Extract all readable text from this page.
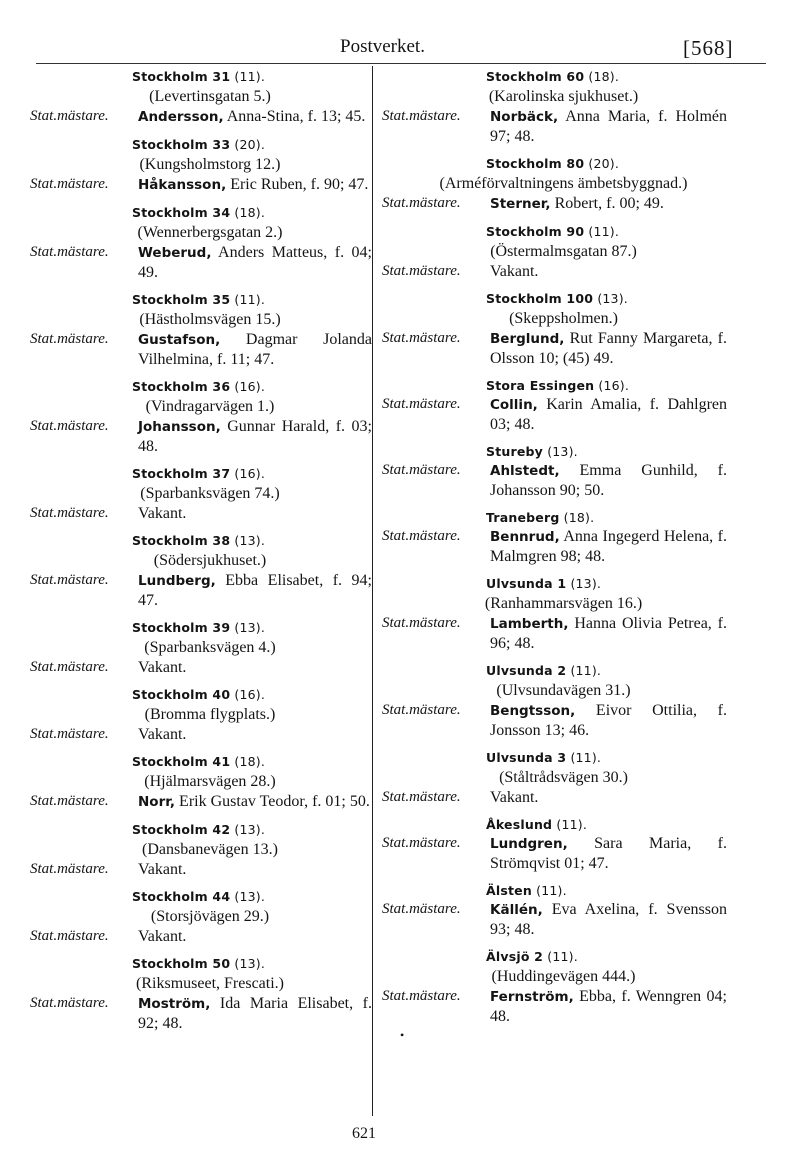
Postverket.	[568]
Stockholm 31 (11).
(Levertinsgatan 5.)
Stat.mästare. Andersson, Anna-Stina, f. 13; 45.
Stockholm 33 (20).
(Kungsholmstorg 12.)
Stat.mästare. Håkansson, Eric Ruben, f. 90; 47.
Stockholm 34 (18).
(Wennerbergsgatan 2.)
Stat.mästare. Weberud, Anders Matteus, f. 04; 49.
Stockholm 35 (11).
(Hästholmsvägen 15.)
Stat.mästare. Gustafson, Dagmar Jolanda Vilhelmina, f. 11; 47.
Stockholm 36 (16).
(Vindragarvägen 1.)
Stat.mästare. Johansson, Gunnar Harald, f. 03; 48.
Stockholm 37 (16).
(Sparbanksvägen 74.)
Stat.mästare. Vakant.
Stockholm 38 (13).
(Södersjukhuset.)
Stat.mästare. Lundberg, Ebba Elisabet, f. 94; 47.
Stockholm 39 (13).
(Sparbanksvägen 4.)
Stat.mästare. Vakant.
Stockholm 40 (16).
(Bromma flygplats.)
Stat.mästare. Vakant.
Stockholm 41 (18).
(Hjälmarsvägen 28.)
Stat.mästare. Norr, Erik Gustav Teodor, f. 01; 50.
Stockholm 42 (13).
(Dansbanevägen 13.)
Stat.mästare. Vakant.
Stockholm 44 (13).
(Storsjövägen 29.)
Stat.mästare. Vakant.
Stockholm 50 (13).
(Riksmuseet, Frescati.)
Stat.mästare. Moström, Ida Maria Elisabet, f. 92; 48.
Stockholm 60 (18).
(Karolinska sjukhuset.)
Stat.mästare. Norbäck, Anna Maria, f. Holmén 97; 48.
Stockholm 80 (20).
(Arméförvaltningens ämbetsbyggnad.)
Stat.mästare. Sterner, Robert, f. 00; 49.
Stockholm 90 (11).
(Östermalmsgatan 87.)
Stat.mästare. Vakant.
Stockholm 100 (13).
(Skeppsholmen.)
Stat.mästare. Berglund, Rut Fanny Margareta, f. Olsson 10; (45) 49.
Stora Essingen (16).
Stat.mästare. Collin, Karin Amalia, f. Dahlgren 03; 48.
Stureby (13).
Stat.mästare. Ahlstedt, Emma Gunhild, f. Johansson 90; 50.
Traneberg (18).
Stat.mästare. Bennrud, Anna Ingegerd Helena, f. Malmgren 98; 48.
Ulvsunda 1 (13).
(Ranhammarsvägen 16.)
Stat.mästare. Lamberth, Hanna Olivia Petrea, f. 96; 48.
Ulvsunda 2 (11).
(Ulvsundavägen 31.)
Stat.mästare. Bengtsson, Eivor Ottilia, f. Jonsson 13; 46.
Ulvsunda 3 (11).
(Ståltrådsvägen 30.)
Stat.mästare. Vakant.
Åkeslund (11).
Stat.mästare. Lundgren, Sara Maria, f. Strömqvist 01; 47.
Älsten (11).
Stat.mästare. Källén, Eva Axelina, f. Svensson 93; 48.
Älvsjö 2 (11).
(Huddingevägen 444.)
Stat.mästare. Fernström, Ebba, f. Wenngren 04; 48.
•
621
